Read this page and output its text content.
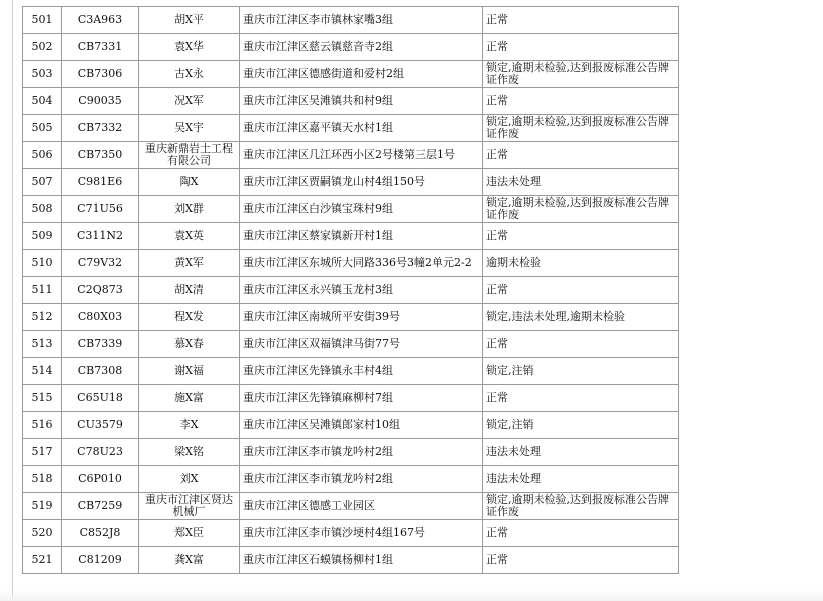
501	C3A963	胡X平	重庆市江津区李市镇林家嘴3组	正常
502	CB7331	袁X华	重庆市江津区慈云镇慈音寺2组	正常
503	CB7306	古X永	重庆市江津区德感街道和爱村2组	锁定,逾期未检验,达到报废标准公告牌证作废
504	C90035	况X军	重庆市江津区吴滩镇共和村9组	正常
505	CB7332	吴X宇	重庆市江津区嘉平镇天水村1组	锁定,逾期未检验,达到报废标准公告牌证作废
506	CB7350	重庆新鼎岩土工程有限公司	重庆市江津区几江环西小区2号楼第三层1号	正常
507	C981E6	陶X	重庆市江津区贾嗣镇龙山村4组150号	违法未处理
508	C71U56	刘X群	重庆市江津区白沙镇宝珠村9组	锁定,逾期未检验,达到报废标准公告牌证作废
509	C311N2	袁X英	重庆市江津区蔡家镇新开村1组	正常
510	C79V32	黄X军	重庆市江津区东城所大同路336号3幢2单元2-2	逾期未检验
511	C2Q873	胡X清	重庆市江津区永兴镇玉龙村3组	正常
512	C80X03	程X发	重庆市江津区南城所平安街39号	锁定,违法未处理,逾期未检验
513	CB7339	慕X春	重庆市江津区双福镇津马街77号	正常
514	CB7308	谢X福	重庆市江津区先锋镇永丰村4组	锁定,注销
515	C65U18	施X富	重庆市江津区先锋镇麻柳村7组	正常
516	CU3579	李X	重庆市江津区吴滩镇郎家村10组	锁定,注销
517	C78U23	梁X铭	重庆市江津区李市镇龙吟村2组	违法未处理
518	C6P010	刘X	重庆市江津区李市镇龙吟村2组	违法未处理
519	CB7259	重庆市江津区贤达机械厂	重庆市江津区德感工业园区	锁定,逾期未检验,达到报废标准公告牌证作废
520	C852J8	郑X臣	重庆市江津区李市镇沙埂村4组167号	正常
521	C81209	龚X富	重庆市江津区石蟆镇杨柳村1组	正常
